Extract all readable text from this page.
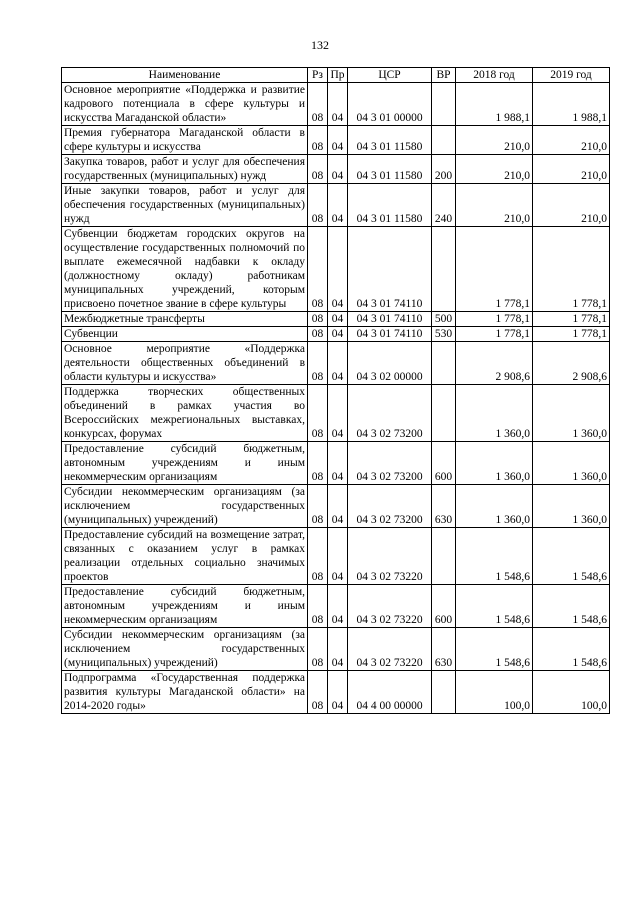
132
Наименование	Рз	Пр	ЦСР	ВР	2018 год	2019 год
Основное мероприятие «Поддержка и развитие кадрового потенциала в сфере культуры и искусства Магаданской области»	08	04	04 3 01 00000		1 988,1	1 988,1
Премия губернатора Магаданской области в сфере культуры и искусства	08	04	04 3 01 11580		210,0	210,0
Закупка товаров, работ и услуг для обеспечения государственных (муниципальных) нужд	08	04	04 3 01 11580	200	210,0	210,0
Иные закупки товаров, работ и услуг для обеспечения государственных (муниципальных) нужд	08	04	04 3 01 11580	240	210,0	210,0
Субвенции бюджетам городских округов на осуществление государственных полномочий по выплате ежемесячной надбавки к окладу (должностному окладу) работникам муниципальных учреждений, которым присвоено почетное звание в сфере культуры	08	04	04 3 01 74110		1 778,1	1 778,1
Межбюджетные трансферты	08	04	04 3 01 74110	500	1 778,1	1 778,1
Субвенции	08	04	04 3 01 74110	530	1 778,1	1 778,1
Основное мероприятие «Поддержка деятельности общественных объединений в области культуры и искусства»	08	04	04 3 02 00000		2 908,6	2 908,6
Поддержка творческих общественных объединений в рамках участия во Всероссийских межрегиональных выставках, конкурсах, форумах	08	04	04 3 02 73200		1 360,0	1 360,0
Предоставление субсидий бюджетным, автономным учреждениям и иным некоммерческим организациям	08	04	04 3 02 73200	600	1 360,0	1 360,0
Субсидии некоммерческим организациям (за исключением государственных (муниципальных) учреждений)	08	04	04 3 02 73200	630	1 360,0	1 360,0
Предоставление субсидий на возмещение затрат, связанных с оказанием услуг в рамках реализации отдельных социально значимых проектов	08	04	04 3 02 73220		1 548,6	1 548,6
Предоставление субсидий бюджетным, автономным учреждениям и иным некоммерческим организациям	08	04	04 3 02 73220	600	1 548,6	1 548,6
Субсидии некоммерческим организациям (за исключением государственных (муниципальных) учреждений)	08	04	04 3 02 73220	630	1 548,6	1 548,6
Подпрограмма «Государственная поддержка развития культуры Магаданской области» на 2014-2020 годы»	08	04	04 4 00 00000		100,0	100,0
